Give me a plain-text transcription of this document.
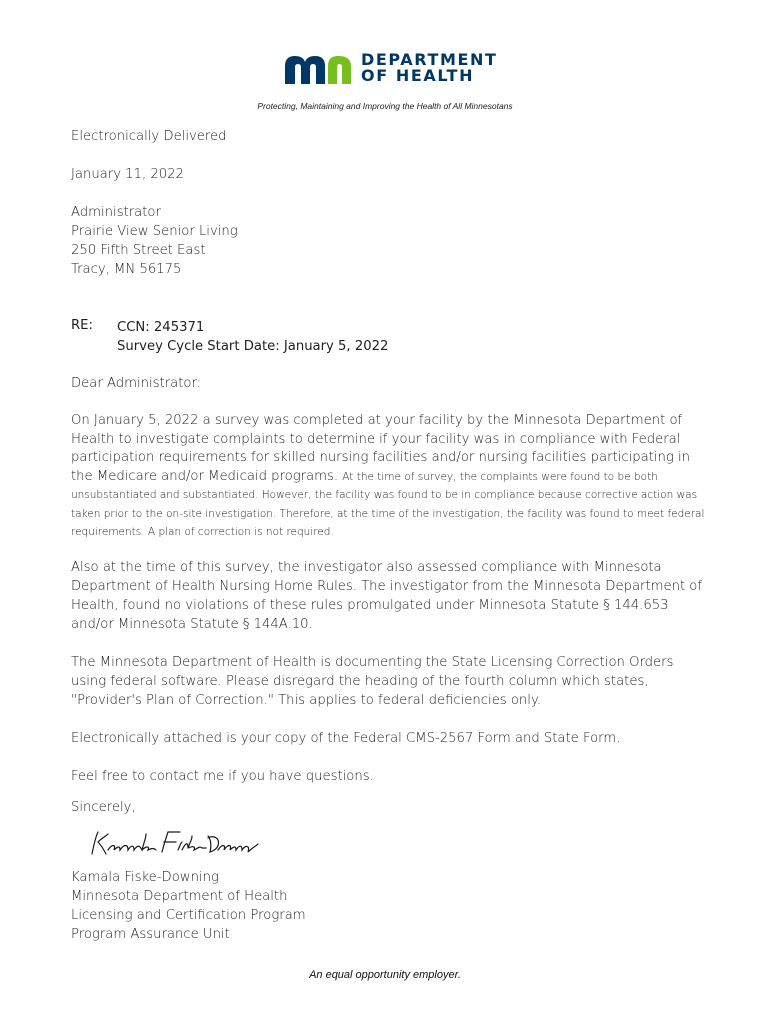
DEPARTMENT
OF HEALTH
Protecting, Maintaining and Improving the Health of All Minnesotans
Electronically Delivered
January 11, 2022
Administrator
Prairie View Senior Living
250 Fifth Street East
Tracy, MN 56175
RE: CCN: 245371
Survey Cycle Start Date: January 5, 2022
Dear Administrator:
On January 5, 2022 a survey was completed at your facility by the Minnesota Department of Health to investigate complaints to determine if your facility was in compliance with Federal participation requirements for skilled nursing facilities and/or nursing facilities participating in the Medicare and/or Medicaid programs. At the time of survey, the complaints were found to be both unsubstantiated and substantiated. However, the facility was found to be in compliance because corrective action was taken prior to the on-site investigation. Therefore, at the time of the investigation, the facility was found to meet federal requirements. A plan of correction is not required.
Also at the time of this survey, the investigator also assessed compliance with Minnesota Department of Health Nursing Home Rules. The investigator from the Minnesota Department of Health, found no violations of these rules promulgated under Minnesota Statute § 144.653 and/or Minnesota Statute § 144A.10.
The Minnesota Department of Health is documenting the State Licensing Correction Orders using federal software. Please disregard the heading of the fourth column which states, "Provider's Plan of Correction." This applies to federal deficiencies only.
Electronically attached is your copy of the Federal CMS-2567 Form and State Form.
Feel free to contact me if you have questions.
Sincerely,
Kamala Fiske-Downing
Minnesota Department of Health
Licensing and Certification Program
Program Assurance Unit
An equal opportunity employer.
